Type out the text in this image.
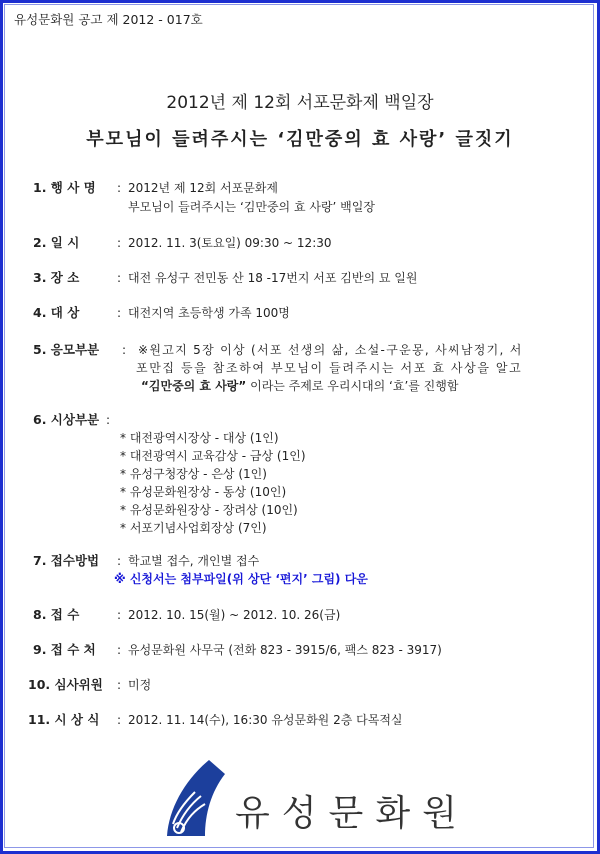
유성문화원 공고 제 2012 - 017호
2012년 제 12회 서포문화제 백일장
부모님이 들려주시는 ‘김만중의 효 사랑’ 글짓기
1. 행 사 명 : 2012년 제 12회 서포문화제
부모님이 들려주시는 ‘김만중의 효 사랑’ 백일장
2. 일 시	: 2012. 11. 3(토요일) 09:30 ~ 12:30
3. 장 소	: 대전 유성구 전민동 산 18 -17번지 서포 김반의 묘 일원
4. 대 상	: 대전지역 초등학생 가족 100명
5. 응모부분 : ※원고지 5장 이상 (서포 선생의 삶, 소설-구운몽, 사씨남정기, 서
포만집 등을 참조하여 부모님이 들려주시는 서포 효 사상을 알고
“김만중의 효 사랑” 이라는 주제로 우리시대의 ‘효’를 진행함
6. 시상부분 :
* 대전광역시장상 - 대상 (1인)
* 대전광역시 교육감상 - 금상 (1인)
* 유성구청장상 - 은상 (1인)
* 유성문화원장상 - 동상 (10인)
* 유성문화원장상 - 장려상 (10인)
* 서포기념사업회장상 (7인)
7. 접수방법 : 학교별 접수, 개인별 접수
※ 신청서는 첨부파일(위 상단 ‘편지’ 그림) 다운
8. 접 수	: 2012. 10. 15(월) ~ 2012. 10. 26(금)
9. 접 수 처 : 유성문화원 사무국 (전화 823 - 3915/6, 팩스 823 - 3917)
10. 심사위원 : 미정
11. 시 상 식 : 2012. 11. 14(수), 16:30 유성문화원 2층 다목적실
유성문화원
